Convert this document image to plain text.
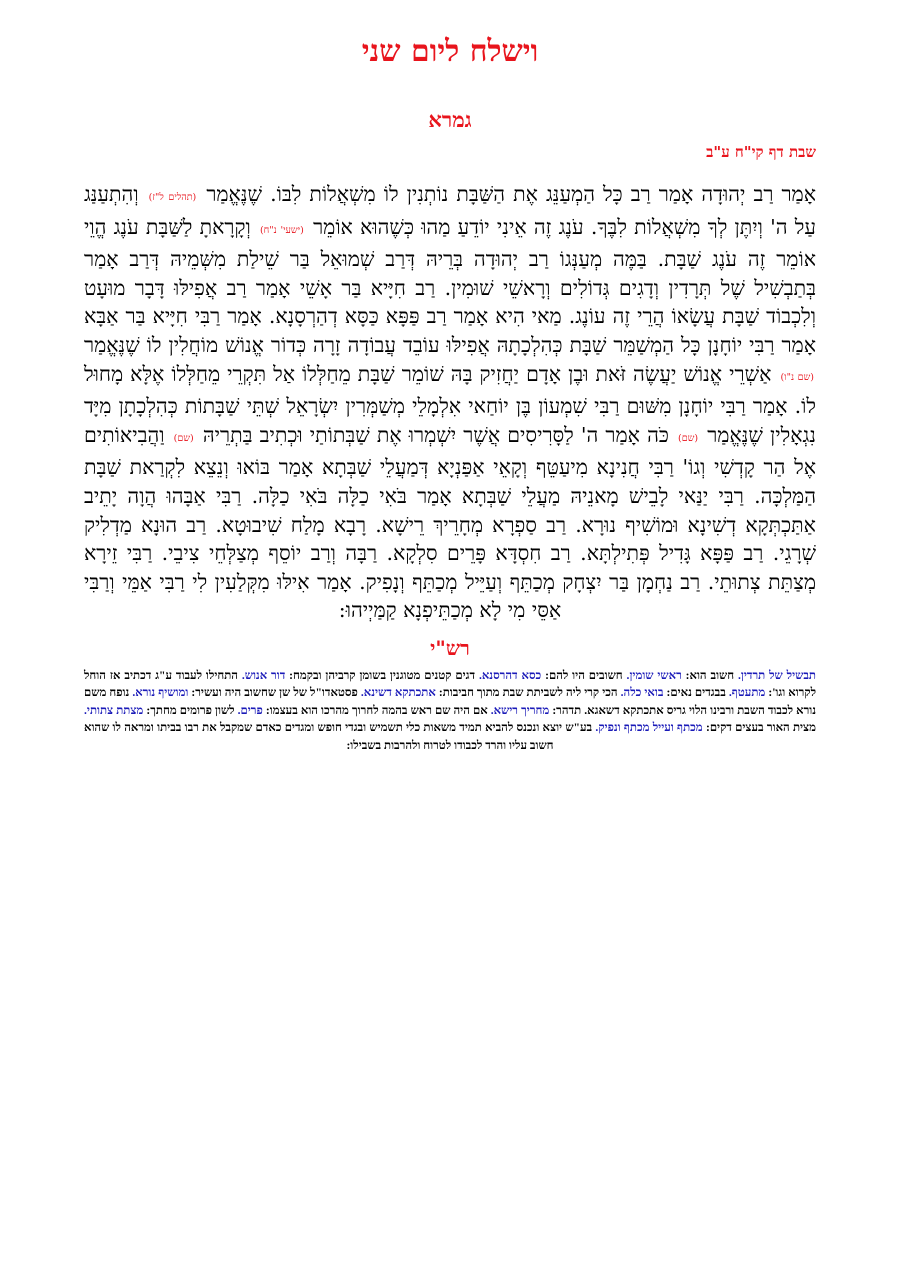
וישלח ליום שני
גמרא
שבת דף קי"ח ע"ב
אָמַר רַב יְהוּדָה אָמַר רַב כָּל הַמְעַנֵּג אֶת הַשַּׁבָּת נוֹתְנִין לוֹ מִשְׁאֲלוֹת לִבּוֹ. שֶׁנֶּאֱמַר (תהלים ל"ז) וְהִתְעַנַּג עַל ה' וְיִתֶּן לְךָ מִשְׁאֲלוֹת לִבֶּךָ. עֹנֶג זֶה אֵינִי יוֹדֵעַ מַהוּ כְּשֶׁהוּא אוֹמֵר (ישעי' נ"ח) וְקָרָאתָ לַשַּׁבָּת עֹנֶג הֱוֵי אוֹמֵר זֶה עֹנֶג שַׁבָּת. בַּמֶּה מְעַנְּגוֹ רַב יְהוּדָה בְּרֵיהּ דְּרַב שְׁמוּאֵל בַּר שֵׁילַת מִשְּׁמֵיהּ דְּרַב אָמַר בְּתַבְשִׁיל שֶׁל תְּרָדִין וְדָגִים גְּדוֹלִים וְרָאשֵׁי שׁוּמִין. רַב חִיָּיא בַּר אָשֵׁי אָמַר רַב אֲפִילּוּ דָּבָר מוּעָט וְלִכְבוֹד שַׁבָּת עֲשָׂאוֹ הֲרֵי זֶה עוֹנֶג. מַאי הִיא אָמַר רַב פַּפָּא כַּסָּא דְהַרְסָנָא. אָמַר רַבִּי חִיָּיא בַּר אַבָּא אָמַר רַבִּי יוֹחָנָן כָּל הַמְשַׁמֵּר שַׁבָּת כְּהִלְכָתָהּ אֲפִילּוּ עוֹבֵד עֲבוֹדָה זָרָה כְּדוֹר אֱנוֹשׁ מוֹחֲלִין לוֹ שֶׁנֶּאֱמַר (שם נ"ו) אַשְׁרֵי אֱנוֹשׁ יַעֲשֶׂה זֹּאת וּבֶן אָדָם יַחֲזִיק בָּהּ שׁוֹמֵר שַׁבָּת מֵחַלְּלוֹ אַל תִּקְרֵי מֵחַלְּלוֹ אֶלָּא מָחוּל לוֹ. אָמַר רַבִּי יוֹחָנָן מִשּׁוּם רַבִּי שִׁמְעוֹן בֶּן יוֹחַאי אִלְמָלֵי מְשַׁמְּרִין יִשְׂרָאֵל שְׁתֵּי שַׁבָּתוֹת כְּהִלְכָתָן מִיָּד נִגְאָלִין שֶׁנֶּאֱמַר (שם) כֹּה אָמַר ה' לַסָּרִיסִים אֲשֶׁר יִשְׁמְרוּ אֶת שַׁבְּתוֹתַי וּכְתִיב בַּתְרֵיהּ (שם) וַהֲבִיאוֹתִים אֶל הַר קָדְשִׁי וְגוֹ' רַבִּי חֲנִינָא מִיעַטֵּף וְקָאֵי אַפַּנְיָא דְּמַעֲלֵי שַׁבְּתָא אָמַר בּוֹאוּ וְנֵצֵא לִקְרַאת שַׁבָּת הַמַּלְכָּה. רַבִּי יַנַּאי לָבֵישׁ מָאנֵיהּ מַעֲלֵי שַׁבְּתָא אָמַר בֹּאִי כַלָּה בֹּאִי כַלָּה. רַבִּי אַבָּהוּ הֲוָה יָתֵיב אַתַּכְתְּקָא דְשִׁינָא וּמוֹשִׁיף נוּרָא. רַב סַפְרָא מְחָרֵיךְ רֵישָׁא. רָבָא מָלַח שִׁיבוּטָא. רַב הוּנָא מַדְלִיק שְׁרָגֵי. רַב פַּפָּא גָּדִיל פְּתִילְתָּא. רַב חִסְדָּא פָּרֵים סִלְקָא. רַבָּה וְרַב יוֹסֵף מְצַלְּחֵי צִיבֵי. רַבִּי זֵירָא מְצַתֵּת צְתוּתֵי. רַב נַחְמָן בַּר יִצְחָק מְכַתֵּף וְעַיֵּיל מְכַתֵּף וְנָפִיק. אָמַר אִילּוּ מִקְּלַעִין לִי רַבִּי אַמֵּי וְרַבִּי אַסֵּי מִי לָא מְכַתֵּיפְנָא קַמַּיְיהוּ:
רש"י
תבשיל של תרדין. חשוב הוא: ראשי שומין. חשובים היו להם: כסא דהרסנא. דגים קטנים מטוגנין בשומן קרביהן ובקמח: דור אנוש. התחילו לעבוד ע"ג דכתיב אז הוחל לקרוא וגו': מתעטף. בבגדים נאים: בואי כלה. הכי קרי ליה לשביתת שבת מתוך חביבות: אתכתקא דשינא. פסטאדו"ל של שן שחשוב היה ועשיר: ומושיף נורא. נופח משם נורא לכבוד השבת ורבינו הלוי גריס אתכתקא דשאגא. תדהר: מחריך רישא. אם היה שם ראש בהמה לחרוך מהרכו הוא בעצמו: פרים. לשון פרומים מחתך: מצתת צתותי. מצית האור בעצים דקים: מכתף ועייל מכתף ונפיק. בע"ש יוצא ונכנס להביא תמיד משאות כלי תשמיש ובגדי חופש ומגדים כאדם שמקבל את רבו בביתו ומראה לו שהוא חשוב עליו והרד לכבודו לטרוח ולהרבות בשבילו:
